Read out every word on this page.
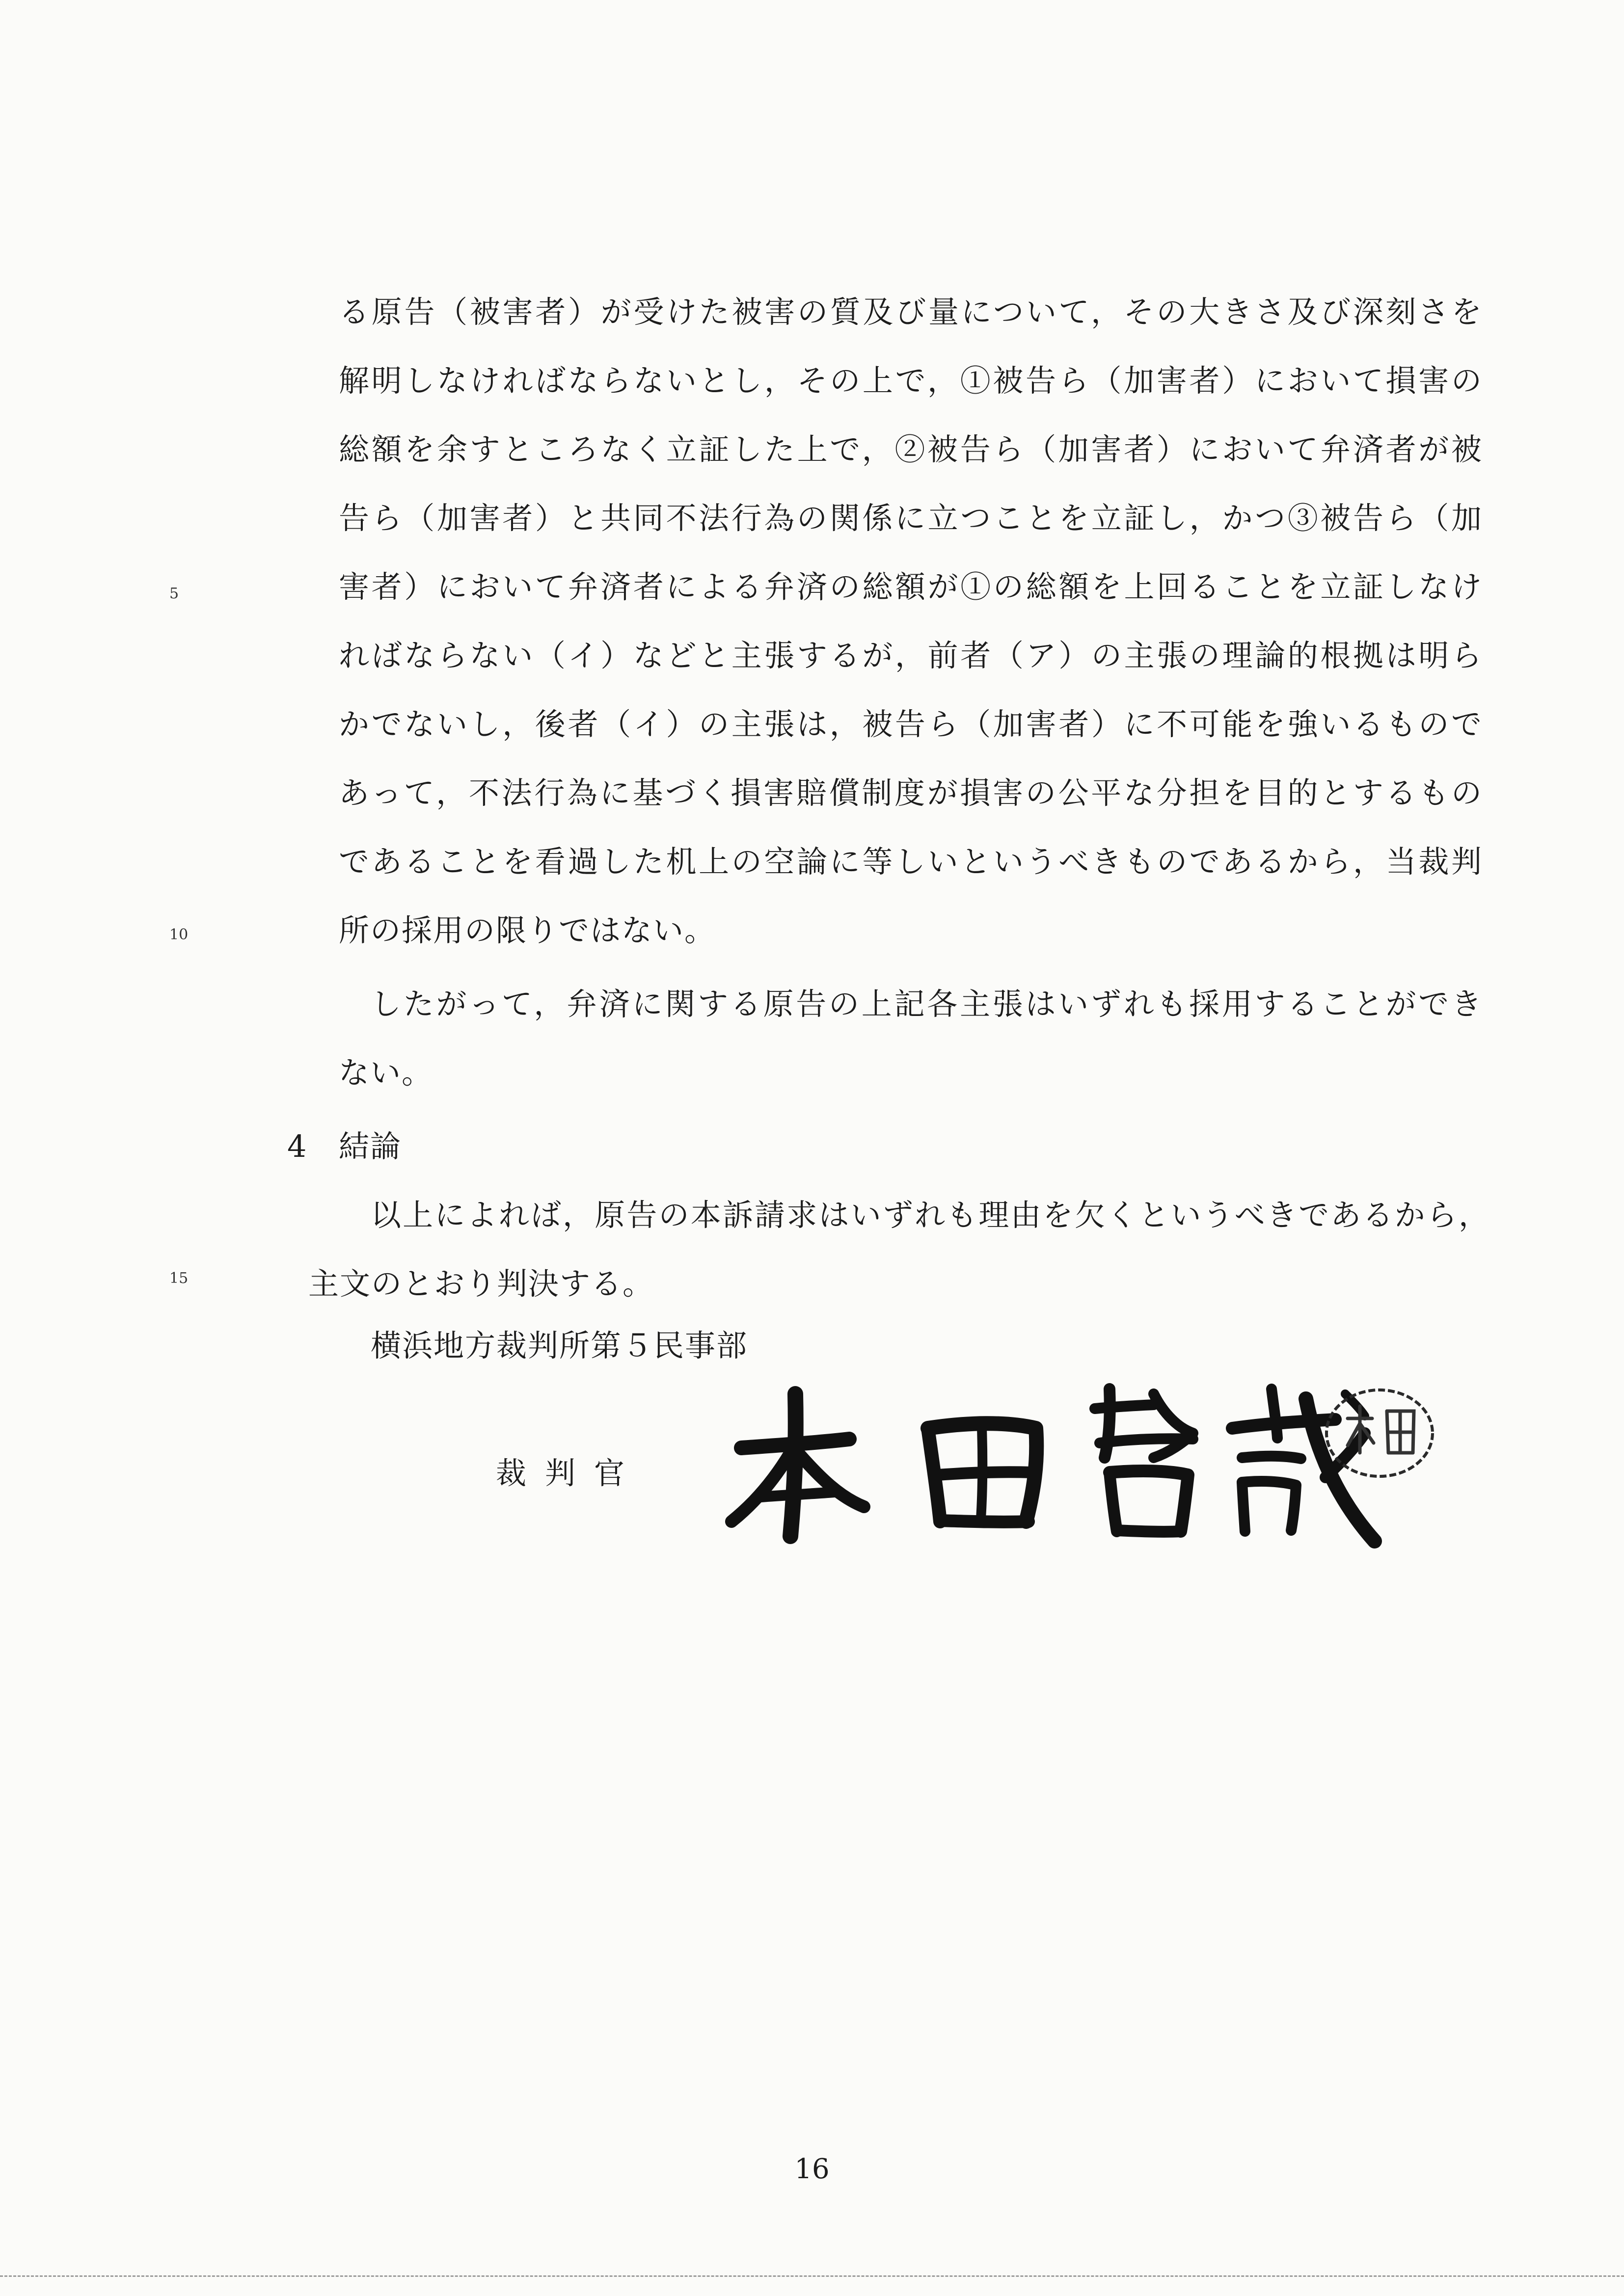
5
10
15
る原告（被害者）が受けた被害の質及び量について，その大きさ及び深刻さを
解明しなければならないとし，その上で，①被告ら（加害者）において損害の
総額を余すところなく立証した上で，②被告ら（加害者）において弁済者が被
告ら（加害者）と共同不法行為の関係に立つことを立証し，かつ③被告ら（加
害者）において弁済者による弁済の総額が①の総額を上回ることを立証しなけ
ればならない（イ）などと主張するが，前者（ア）の主張の理論的根拠は明ら
かでないし，後者（イ）の主張は，被告ら（加害者）に不可能を強いるもので
あって，不法行為に基づく損害賠償制度が損害の公平な分担を目的とするもの
であることを看過した机上の空論に等しいというべきものであるから，当裁判
所の採用の限りではない。
したがって，弁済に関する原告の上記各主張はいずれも採用することができ
ない。
4 結論
以上によれば，原告の本訴請求はいずれも理由を欠くというべきであるから，
主文のとおり判決する。
横浜地方裁判所第５民事部
裁判官
16
